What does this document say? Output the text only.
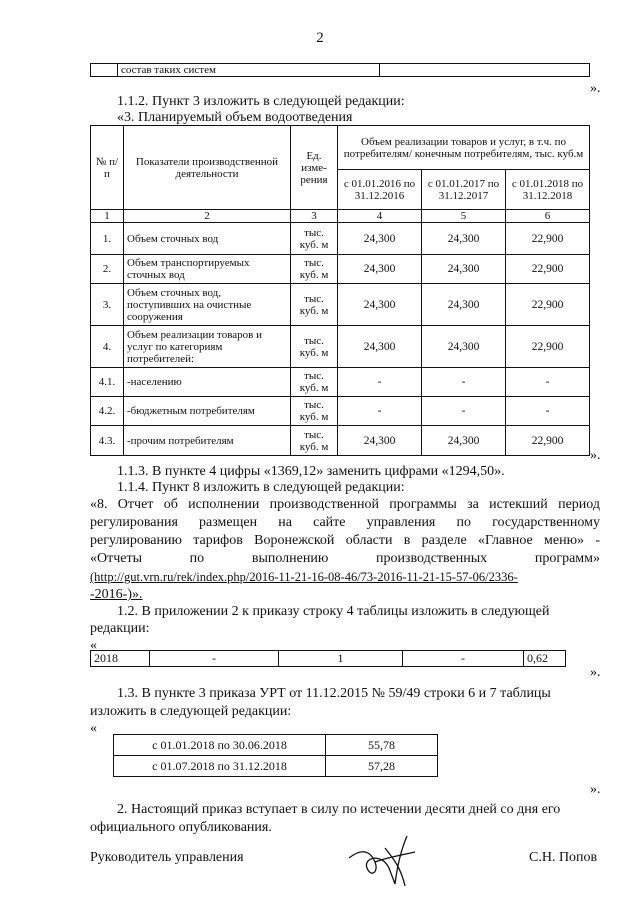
2
	состав таких систем	
».
1.1.2. Пункт 3 изложить в следующей редакции:
«3. Планируемый объем водоотведения
№ п/п	Показатели производственной деятельности	Ед. изме-рения	Объем реализации товаров и услуг, в т.ч. по потребителям/ конечным потребителям, тыс. куб.м		
			с 01.01.2016 по 31.12.2016	с 01.01.2017 по 31.12.2017	с 01.01.2018 по 31.12.2018
1	2	3	4	5	6
1.	Объем сточных вод	тыс. куб. м	24,300	24,300	22,900
2.	Объем транспортируемых сточных вод	тыс. куб. м	24,300	24,300	22,900
3.	Объем сточных вод, поступивших на очистные сооружения	тыс. куб. м	24,300	24,300	22,900
4.	Объем реализации товаров и услуг по категориям потребителей:	тыс. куб. м	24,300	24,300	22,900
4.1.	-населению	тыс. куб. м	-	-	-
4.2.	-бюджетным потребителям	тыс. куб. м	-	-	-
4.3.	-прочим потребителям	тыс. куб. м	24,300	24,300	22,900
».
1.1.3. В пункте 4 цифры «1369,12» заменить цифрами «1294,50».
1.1.4. Пункт 8 изложить в следующей редакции:
«8. Отчет об исполнении производственной программы за истекший период
регулирования размещен на сайте управления по государственному
регулированию тарифов Воронежской области в разделе «Главное меню» -
«Отчеты по выполнению производственных программ»
(http://gut.vrn.ru/rek/index.php/2016-11-21-16-08-46/73-2016-11-21-15-57-06/2336-
-2016-)».
1.2. В приложении 2 к приказу строку 4 таблицы изложить в следующей
редакции:
«
2018	-	1	-	0,62
».
1.3. В пункте 3 приказа УРТ от 11.12.2015 № 59/49 строки 6 и 7 таблицы
изложить в следующей редакции:
«
с 01.01.2018 по 30.06.2018	55,78
с 01.07.2018 по 31.12.2018	57,28
».
2. Настоящий приказ вступает в силу по истечении десяти дней со дня его
официального опубликования.
Руководитель управления	С.Н. Попов
